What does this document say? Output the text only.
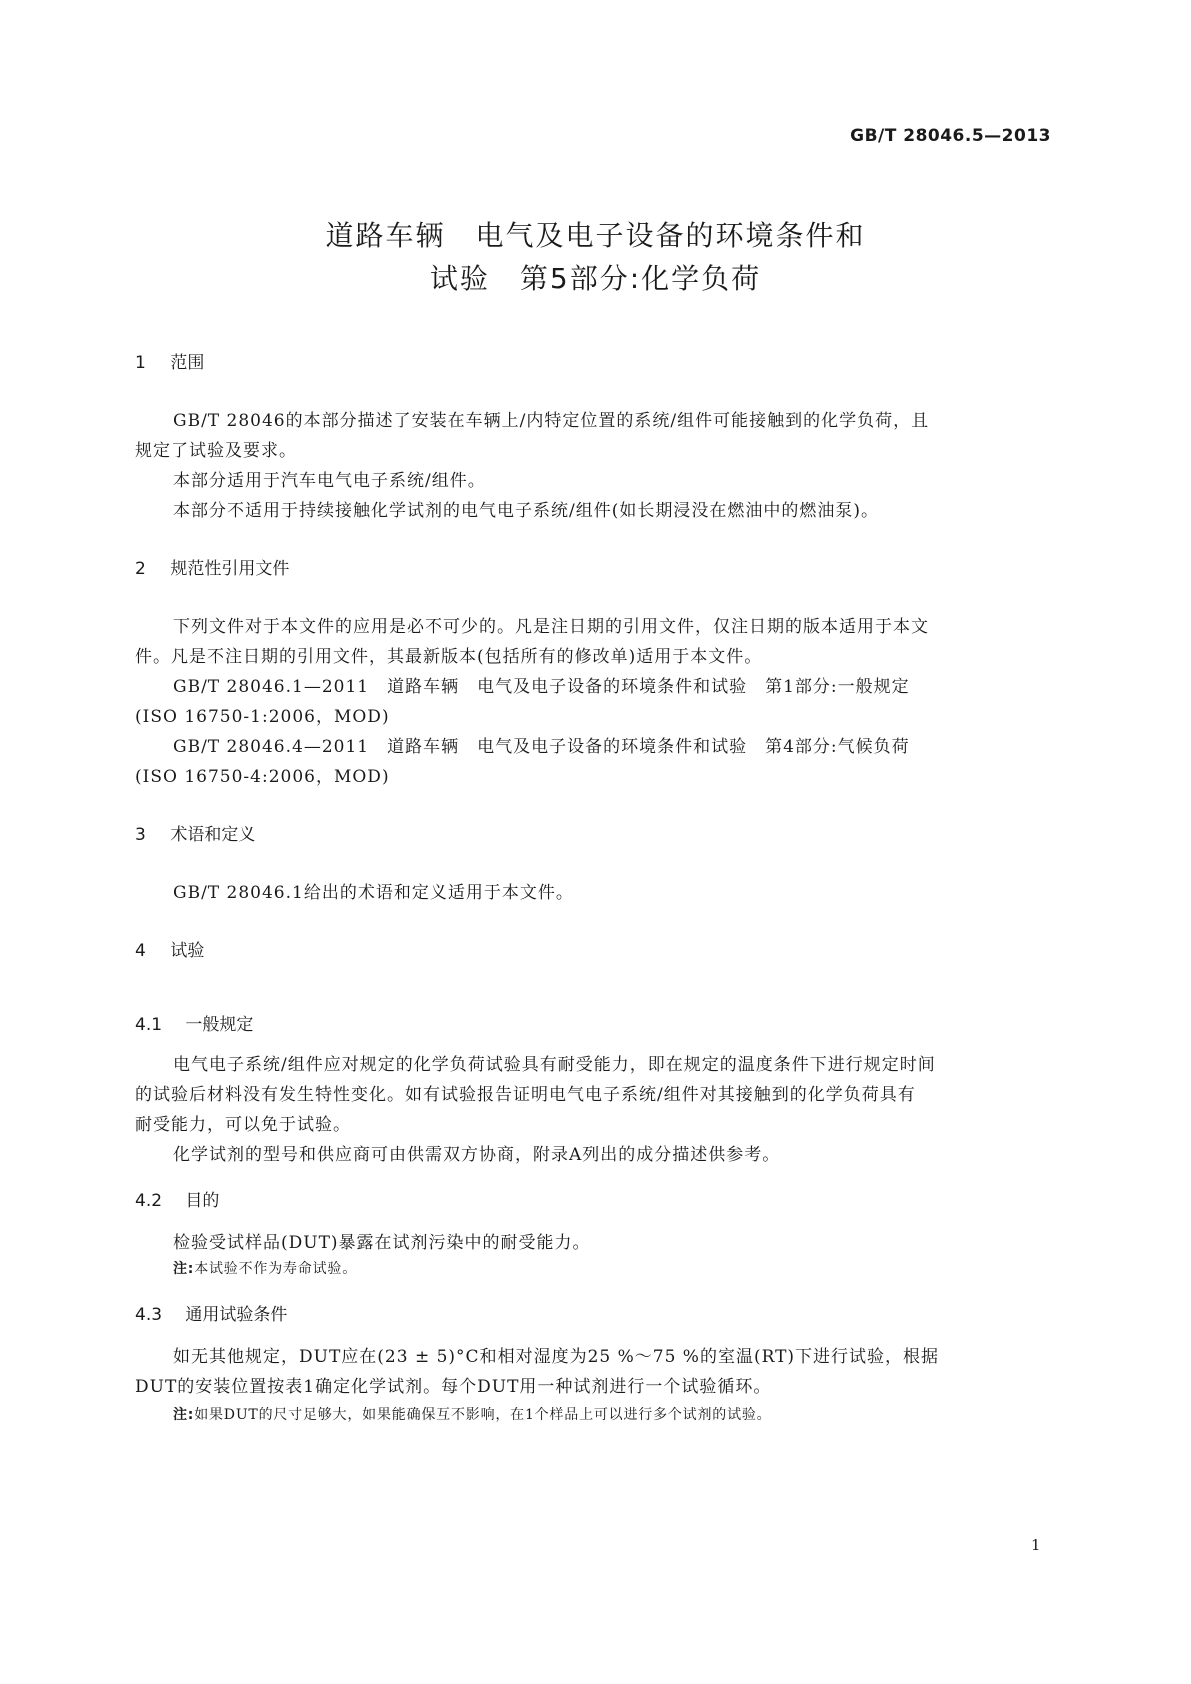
GB/T 28046.5—2013
道路车辆　电气及电子设备的环境条件和
试验　第5部分:化学负荷
1 范围
GB/T 28046的本部分描述了安装在车辆上/内特定位置的系统/组件可能接触到的化学负荷，且
规定了试验及要求。
本部分适用于汽车电气电子系统/组件。
本部分不适用于持续接触化学试剂的电气电子系统/组件(如长期浸没在燃油中的燃油泵)。
2 规范性引用文件
下列文件对于本文件的应用是必不可少的。凡是注日期的引用文件，仅注日期的版本适用于本文
件。凡是不注日期的引用文件，其最新版本(包括所有的修改单)适用于本文件。
GB/T 28046.1—2011　道路车辆　电气及电子设备的环境条件和试验　第1部分:一般规定
(ISO 16750-1:2006，MOD)
GB/T 28046.4—2011　道路车辆　电气及电子设备的环境条件和试验　第4部分:气候负荷
(ISO 16750-4:2006，MOD)
3 术语和定义
GB/T 28046.1给出的术语和定义适用于本文件。
4 试验
4.1 一般规定
电气电子系统/组件应对规定的化学负荷试验具有耐受能力，即在规定的温度条件下进行规定时间
的试验后材料没有发生特性变化。如有试验报告证明电气电子系统/组件对其接触到的化学负荷具有
耐受能力，可以免于试验。
化学试剂的型号和供应商可由供需双方协商，附录A列出的成分描述供参考。
4.2 目的
检验受试样品(DUT)暴露在试剂污染中的耐受能力。
注:本试验不作为寿命试验。
4.3 通用试验条件
如无其他规定，DUT应在(23 ± 5)°C和相对湿度为25 %～75 %的室温(RT)下进行试验，根据
DUT的安装位置按表1确定化学试剂。每个DUT用一种试剂进行一个试验循环。
注:如果DUT的尺寸足够大，如果能确保互不影响，在1个样品上可以进行多个试剂的试验。
1
